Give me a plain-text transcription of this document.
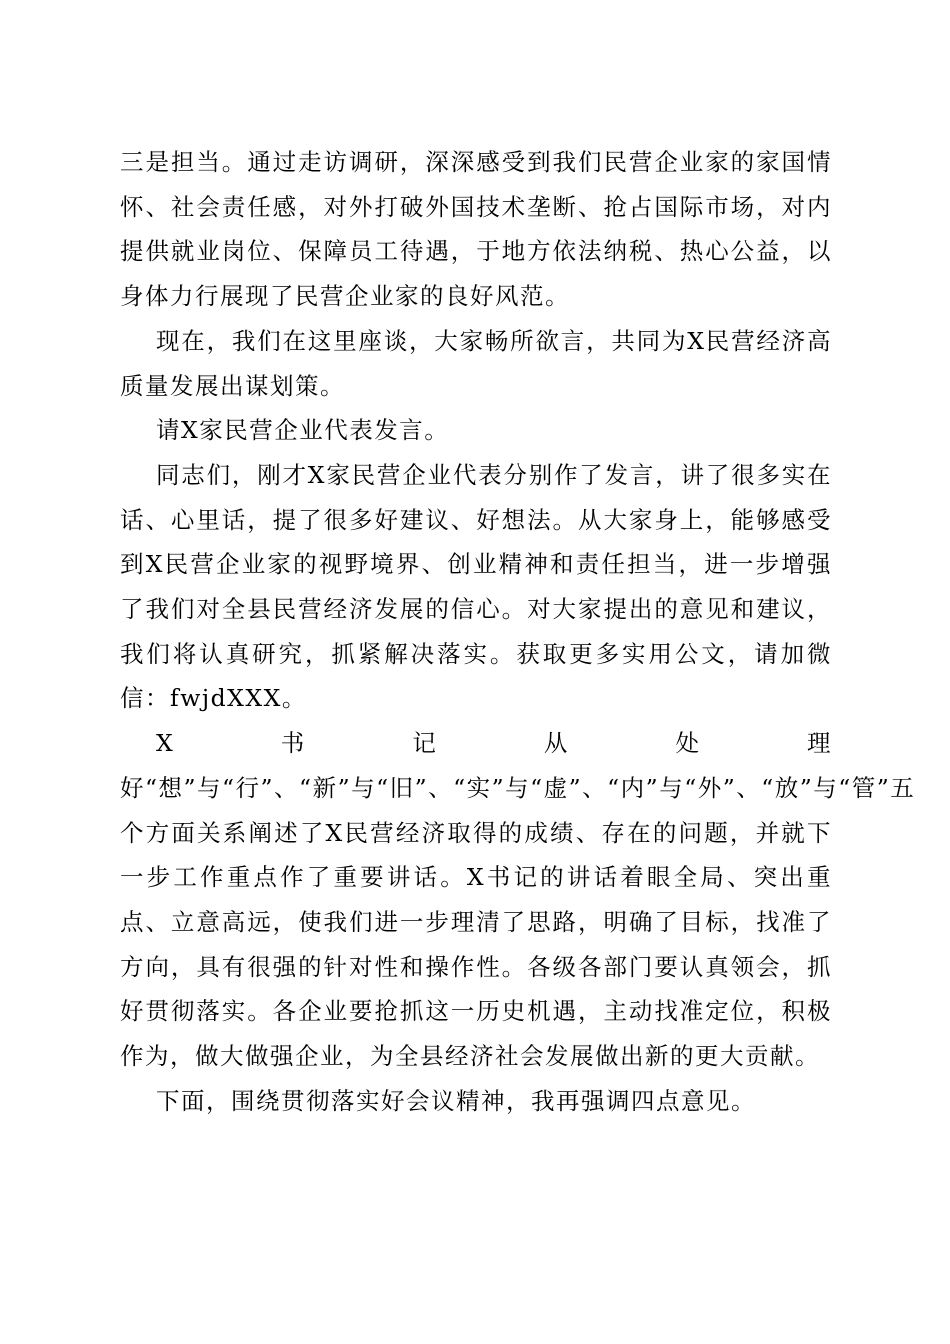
三是担当。通过走访调研，深深感受到我们民营企业家的家国情怀、社会责任感，对外打破外国技术垄断、抢占国际市场，对内提供就业岗位、保障员工待遇，于地方依法纳税、热心公益，以身体力行展现了民营企业家的良好风范。

现在，我们在这里座谈，大家畅所欲言，共同为X民营经济高质量发展出谋划策。

请X家民营企业代表发言。

同志们，刚才X家民营企业代表分别作了发言，讲了很多实在话、心里话，提了很多好建议、好想法。从大家身上，能够感受到X民营企业家的视野境界、创业精神和责任担当，进一步增强了我们对全县民营经济发展的信心。对大家提出的意见和建议，我们将认真研究，抓紧解决落实。获取更多实用公文，请加微信：fwjdXXX。

X书记从处理好“想”与“行”、“新”与“旧”、“实”与“虚”、“内”与“外”、“放”与“管”五个方面关系阐述了X民营经济取得的成绩、存在的问题，并就下一步工作重点作了重要讲话。X书记的讲话着眼全局、突出重点、立意高远，使我们进一步理清了思路，明确了目标，找准了方向，具有很强的针对性和操作性。各级各部门要认真领会，抓好贯彻落实。各企业要抢抓这一历史机遇，主动找准定位，积极作为，做大做强企业，为全县经济社会发展做出新的更大贡献。

下面，围绕贯彻落实好会议精神，我再强调四点意见。
